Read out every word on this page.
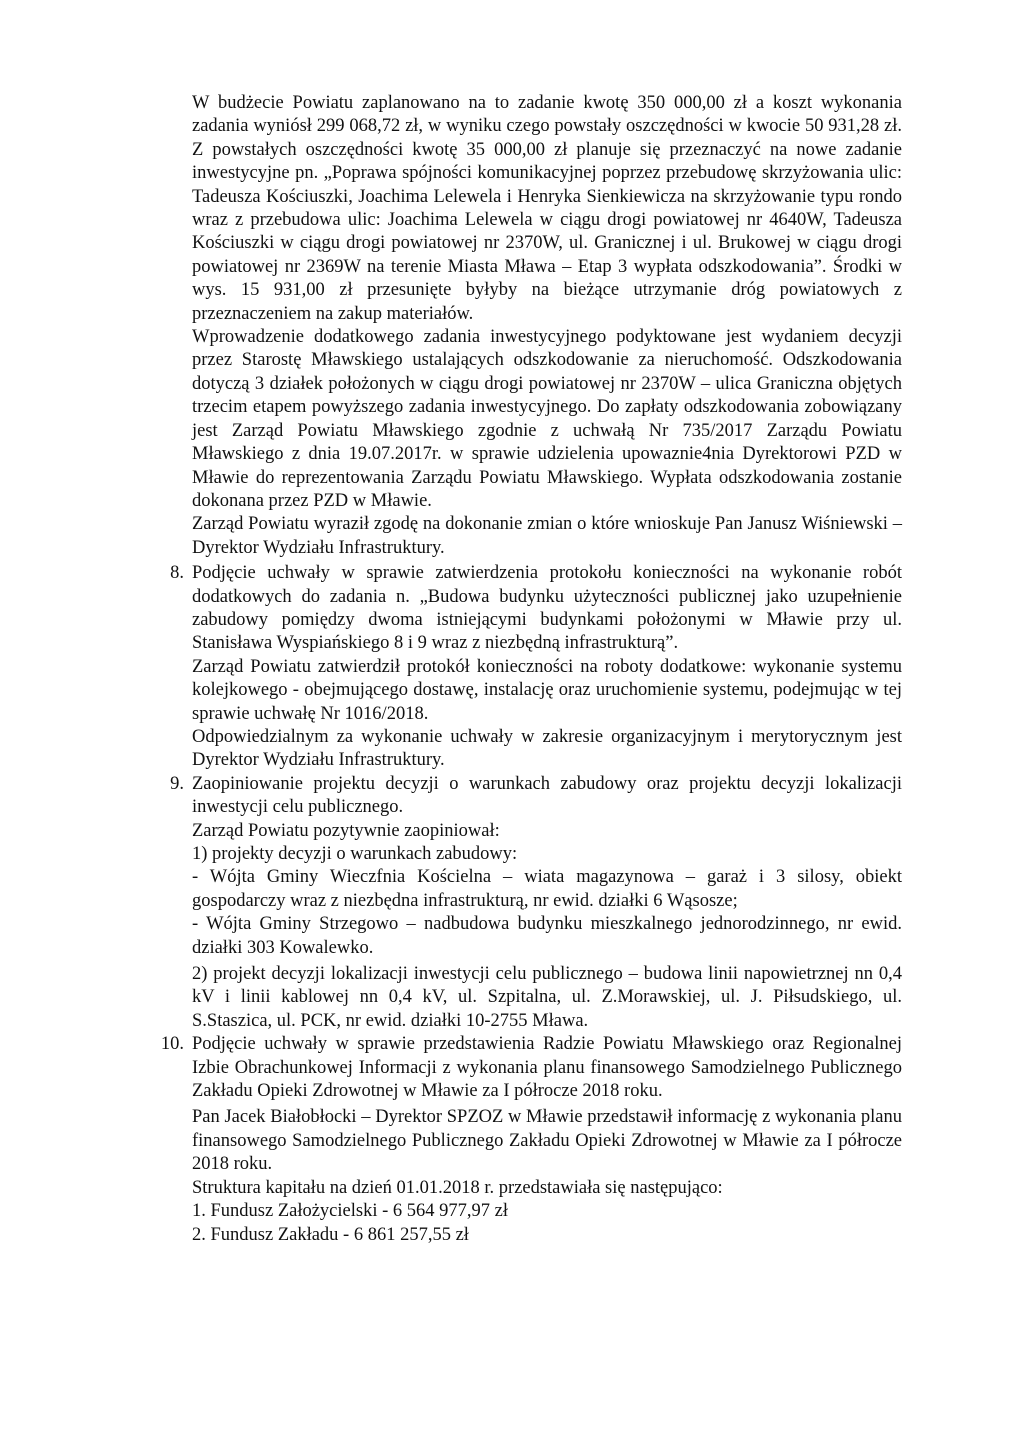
W budżecie Powiatu zaplanowano na to zadanie kwotę 350 000,00 zł a koszt wykonania zadania wyniósł 299 068,72 zł, w wyniku czego powstały oszczędności w kwocie 50 931,28 zł. Z powstałych oszczędności kwotę 35 000,00 zł planuje się przeznaczyć na nowe zadanie inwestycyjne pn. „Poprawa spójności komunikacyjnej poprzez przebudowę skrzyżowania ulic: Tadeusza Kościuszki, Joachima Lelewela i Henryka Sienkiewicza na skrzyżowanie typu rondo wraz z przebudowa ulic: Joachima Lelewela w ciągu drogi powiatowej nr 4640W, Tadeusza Kościuszki w ciągu drogi powiatowej nr 2370W, ul. Granicznej i ul. Brukowej w ciągu drogi powiatowej nr 2369W na terenie Miasta Mława – Etap 3 wypłata odszkodowania”. Środki w wys. 15 931,00 zł przesunięte byłyby na bieżące utrzymanie dróg powiatowych z przeznaczeniem na zakup materiałów.

Wprowadzenie dodatkowego zadania inwestycyjnego podyktowane jest wydaniem decyzji przez Starostę Mławskiego ustalających odszkodowanie za nieruchomość. Odszkodowania dotyczą 3 działek położonych w ciągu drogi powiatowej nr 2370W – ulica Graniczna objętych trzecim etapem powyższego zadania inwestycyjnego. Do zapłaty odszkodowania zobowiązany jest Zarząd Powiatu Mławskiego zgodnie z uchwałą Nr 735/2017 Zarządu Powiatu Mławskiego z dnia 19.07.2017r. w sprawie udzielenia upowaznie4nia Dyrektorowi PZD w Mławie do reprezentowania Zarządu Powiatu Mławskiego. Wypłata odszkodowania zostanie dokonana przez PZD w Mławie.

Zarząd Powiatu wyraził zgodę na dokonanie zmian o które wnioskuje Pan Janusz Wiśniewski – Dyrektor Wydziału Infrastruktury.

8. Podjęcie uchwały w sprawie zatwierdzenia protokołu konieczności na wykonanie robót dodatkowych do zadania n. „Budowa budynku użyteczności publicznej jako uzupełnienie zabudowy pomiędzy dwoma istniejącymi budynkami położonymi w Mławie przy ul. Stanisława Wyspiańskiego 8 i 9 wraz z niezbędną infrastrukturą”.

Zarząd Powiatu zatwierdził protokół konieczności na roboty dodatkowe: wykonanie systemu kolejkowego - obejmującego dostawę, instalację oraz uruchomienie systemu, podejmując w tej sprawie uchwałę Nr 1016/2018.

Odpowiedzialnym za wykonanie uchwały w zakresie organizacyjnym i merytorycznym jest Dyrektor Wydziału Infrastruktury.

9. Zaopiniowanie projektu decyzji o warunkach zabudowy oraz projektu decyzji lokalizacji inwestycji celu publicznego.

Zarząd Powiatu pozytywnie zaopiniował:

1) projekty decyzji o warunkach zabudowy:

- Wójta Gminy Wieczfnia Kościelna – wiata magazynowa – garaż i 3 silosy, obiekt gospodarczy wraz z niezbędna infrastrukturą, nr ewid. działki 6 Wąsosze;

- Wójta Gminy Strzegowo – nadbudowa budynku mieszkalnego jednorodzinnego, nr ewid. działki 303 Kowalewko.

2) projekt decyzji lokalizacji inwestycji celu publicznego – budowa linii napowietrznej nn 0,4 kV i linii kablowej nn 0,4 kV, ul. Szpitalna, ul. Z.Morawskiej, ul. J. Piłsudskiego, ul. S.Staszica, ul. PCK, nr ewid. działki 10-2755 Mława.

10. Podjęcie uchwały w sprawie przedstawienia Radzie Powiatu Mławskiego oraz Regionalnej Izbie Obrachunkowej Informacji z wykonania planu finansowego Samodzielnego Publicznego Zakładu Opieki Zdrowotnej w Mławie za I półrocze 2018 roku.

Pan Jacek Białobłocki – Dyrektor SPZOZ w Mławie przedstawił informację z wykonania planu finansowego Samodzielnego Publicznego Zakładu Opieki Zdrowotnej w Mławie za I półrocze 2018 roku.

Struktura kapitału na dzień 01.01.2018 r. przedstawiała się następująco:

1. Fundusz Założycielski - 6 564 977,97 zł

2. Fundusz Zakładu - 6 861 257,55 zł
